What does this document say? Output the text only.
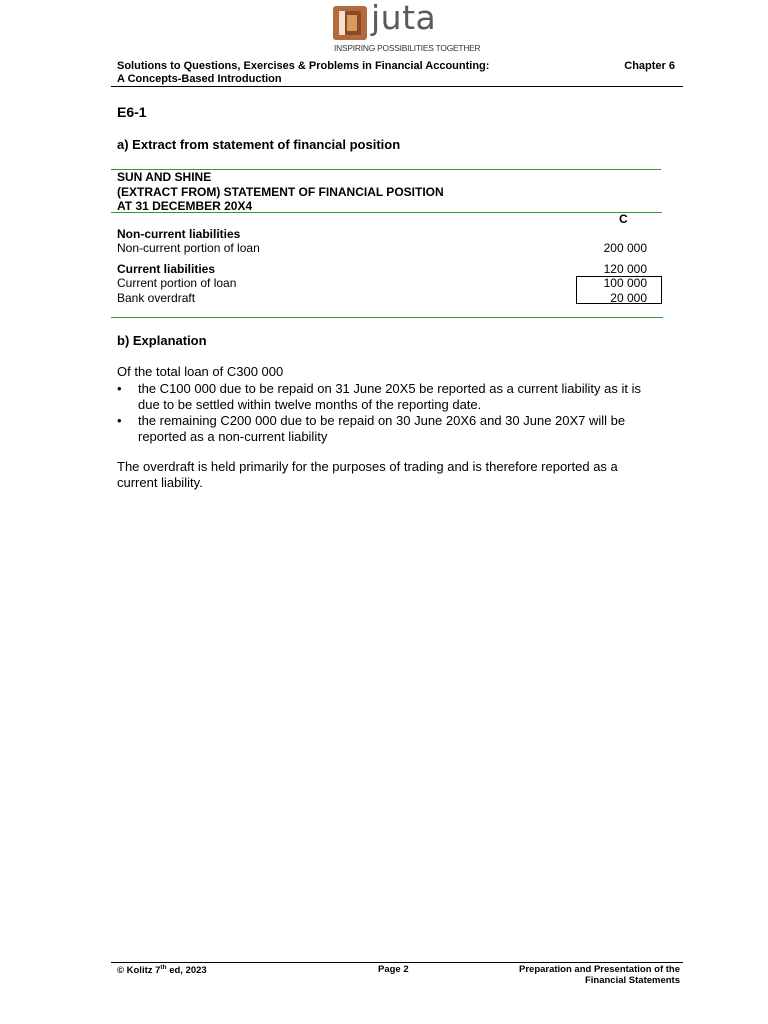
juta
INSPIRING POSSIBILITIES TOGETHER
Solutions to Questions, Exercises & Problems in Financial Accounting:
A Concepts-Based Introduction
Chapter 6
E6-1
a) Extract from statement of financial position
SUN AND SHINE
(EXTRACT FROM) STATEMENT OF FINANCIAL POSITION
AT 31 DECEMBER 20X4
C
Non-current liabilities
Non-current portion of loan	200 000
Current liabilities	120 000
Current portion of loan	100 000
Bank overdraft	20 000
b) Explanation
Of the total loan of C300 000
• the C100 000 due to be repaid on 31 June 20X5 be reported as a current liability as it is due to be settled within twelve months of the reporting date.
• the remaining C200 000 due to be repaid on 30 June 20X6 and 30 June 20X7 will be reported as a non-current liability
The overdraft is held primarily for the purposes of trading and is therefore reported as a current liability.
© Kolitz 7th ed, 2023	Page 2	Preparation and Presentation of the
Financial Statements
